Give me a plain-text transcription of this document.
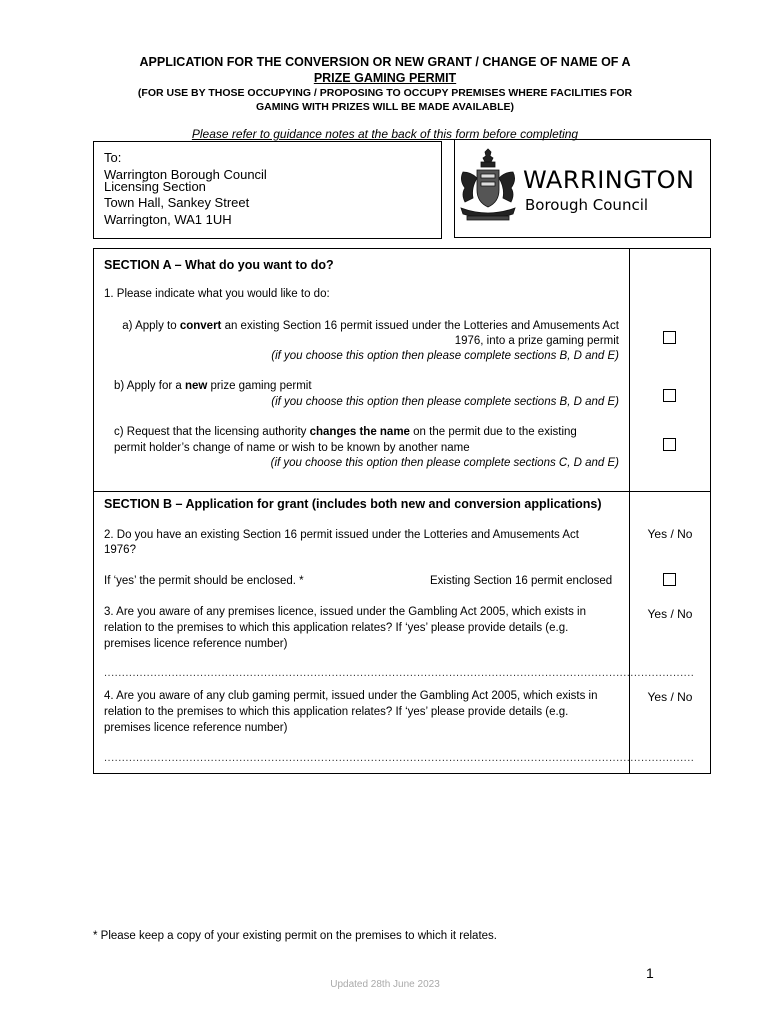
APPLICATION FOR THE CONVERSION OR NEW GRANT / CHANGE OF NAME OF A
PRIZE GAMING PERMIT
(FOR USE BY THOSE OCCUPYING / PROPOSING TO OCCUPY PREMISES WHERE FACILITIES FOR
GAMING WITH PRIZES WILL BE MADE AVAILABLE)
Please refer to guidance notes at the back of this form before completing
To:
Warrington Borough Council
Licensing Section
Town Hall, Sankey Street
Warrington, WA1 1UH
WARRINGTON
Borough Council
SECTION A – What do you want to do?
1. Please indicate what you would like to do:
a) Apply to convert an existing Section 16 permit issued under the Lotteries and Amusements Act
1976, into a prize gaming permit
(if you choose this option then please complete sections B, D and E)
b) Apply for a new prize gaming permit
(if you choose this option then please complete sections B, D and E)
c) Request that the licensing authority changes the name on the permit due to the existing
permit holder’s change of name or wish to be known by another name
(if you choose this option then please complete sections C, D and E)
SECTION B – Application for grant (includes both new and conversion applications)
2. Do you have an existing Section 16 permit issued under the Lotteries and Amusements Act
1976?
Yes / No
If ‘yes’ the permit should be enclosed. *	Existing Section 16 permit enclosed
3. Are you aware of any premises licence, issued under the Gambling Act 2005, which exists in
relation to the premises to which this application relates? If ‘yes’ please provide details (e.g.
premises licence reference number)
Yes / No
......................................................................................................................................................................
4. Are you aware of any club gaming permit, issued under the Gambling Act 2005, which exists in
relation to the premises to which this application relates? If ‘yes’ please provide details (e.g.
premises licence reference number)
Yes / No
......................................................................................................................................................................
* Please keep a copy of your existing permit on the premises to which it relates.
1
Updated 28th June 2023
